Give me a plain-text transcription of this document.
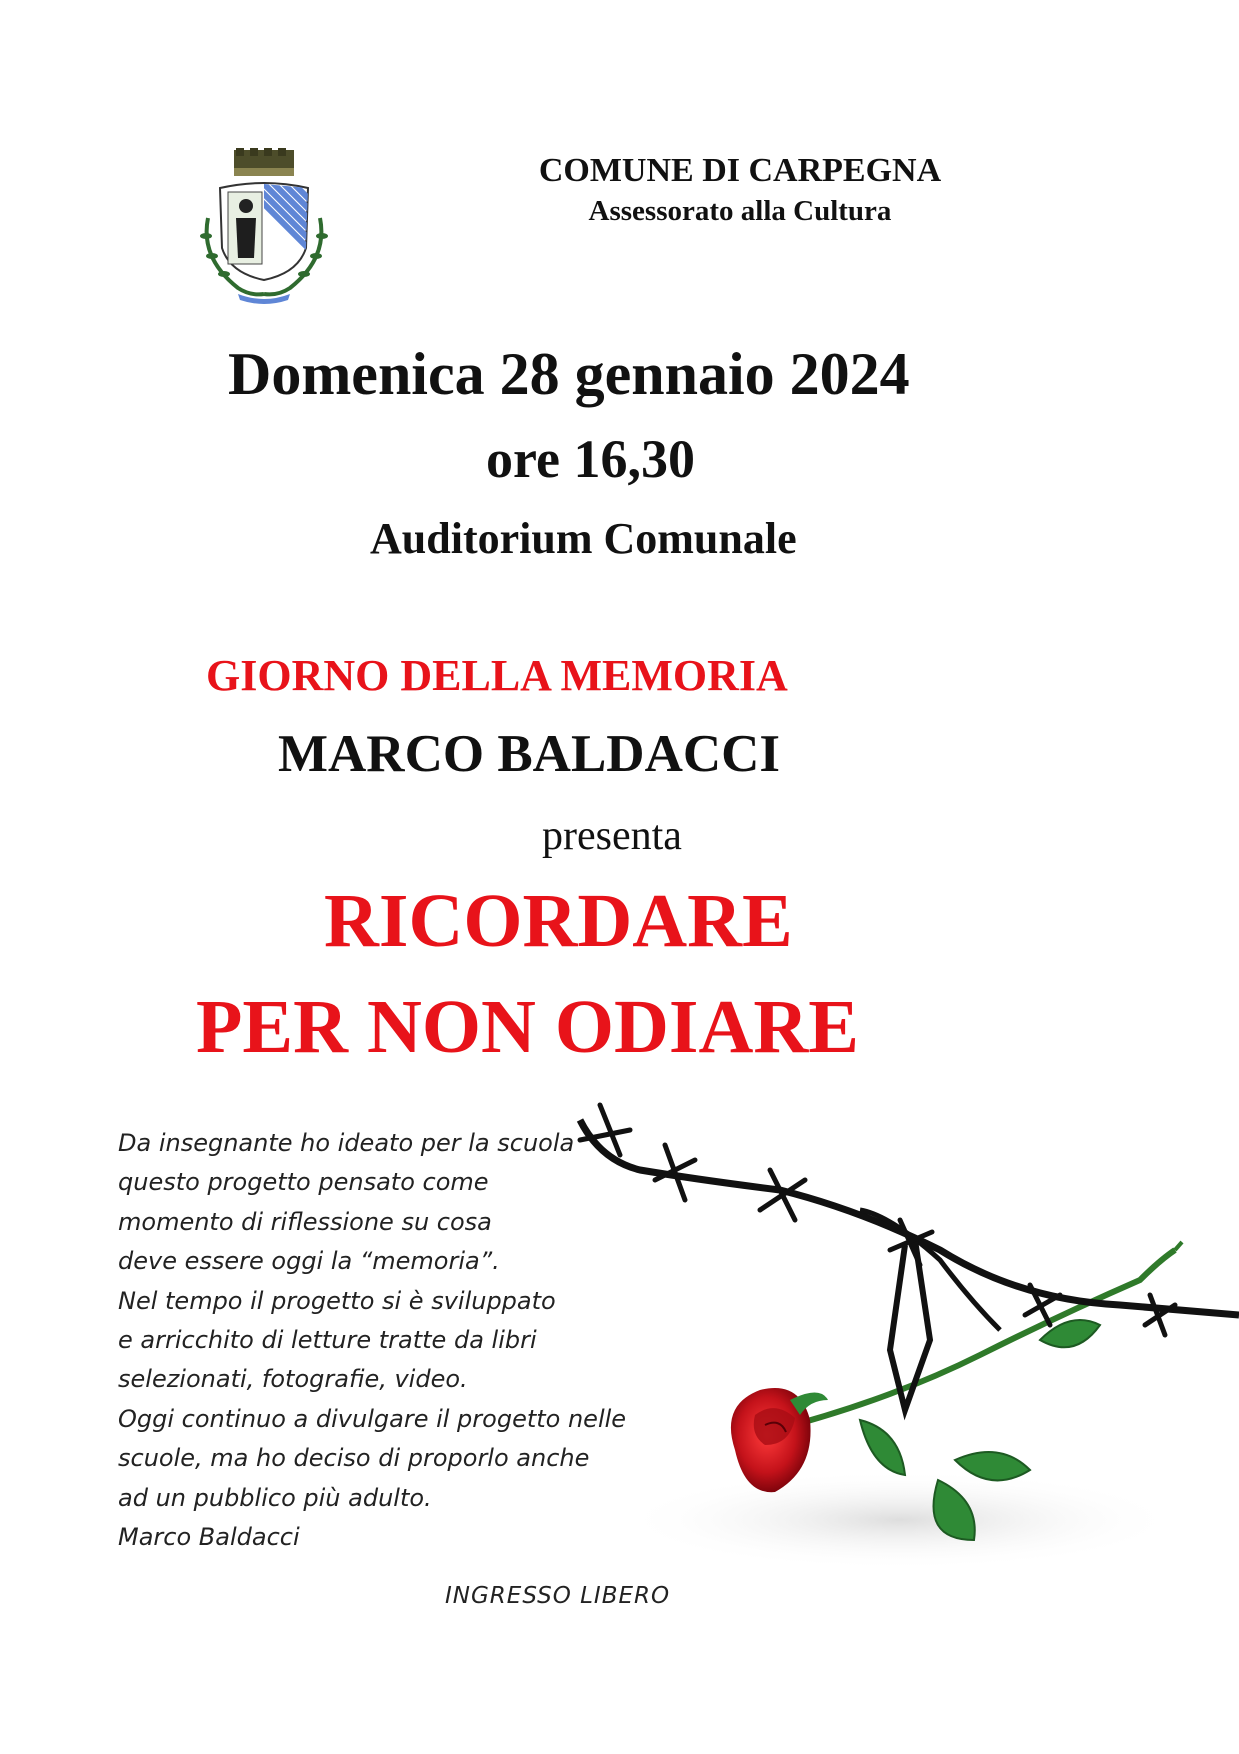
COMUNE DI CARPEGNA
Assessorato alla Cultura
Domenica 28 gennaio 2024
ore 16,30
Auditorium Comunale
GIORNO DELLA MEMORIA
MARCO BALDACCI
presenta
RICORDARE
PER NON ODIARE
Da insegnante ho ideato per la scuola
questo progetto pensato come
momento di riflessione su cosa
deve essere oggi la “memoria”.
Nel tempo il progetto si è sviluppato
e arricchito di letture tratte da libri
selezionati, fotografie, video.
Oggi continuo a divulgare il progetto nelle
scuole, ma ho deciso di proporlo anche
ad un pubblico più adulto.
Marco Baldacci
INGRESSO LIBERO
